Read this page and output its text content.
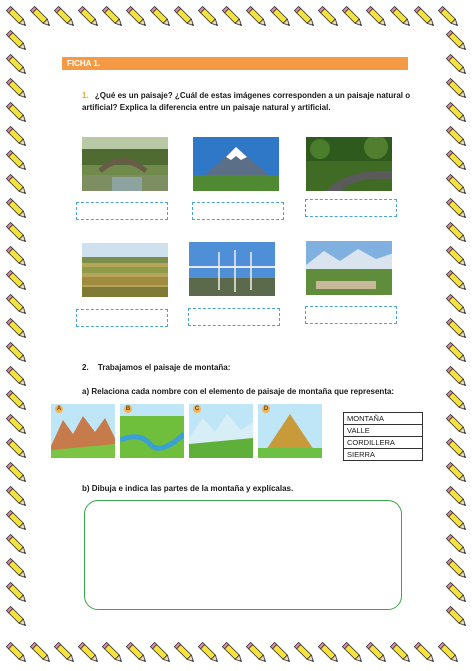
FICHA 1.
1. ¿Qué es un paisaje? ¿Cuál de estas imágenes corresponden a un paisaje natural o artificial? Explica la diferencia entre un paisaje natural y artificial.
2. Trabajamos el paisaje de montaña:
a) Relaciona cada nombre con el elemento de paisaje de montaña que representa:
A	B	C	D
MONTAÑA
VALLE
CORDILLERA
SIERRA
b) Dibuja e indica las partes de la montaña y explícalas.
